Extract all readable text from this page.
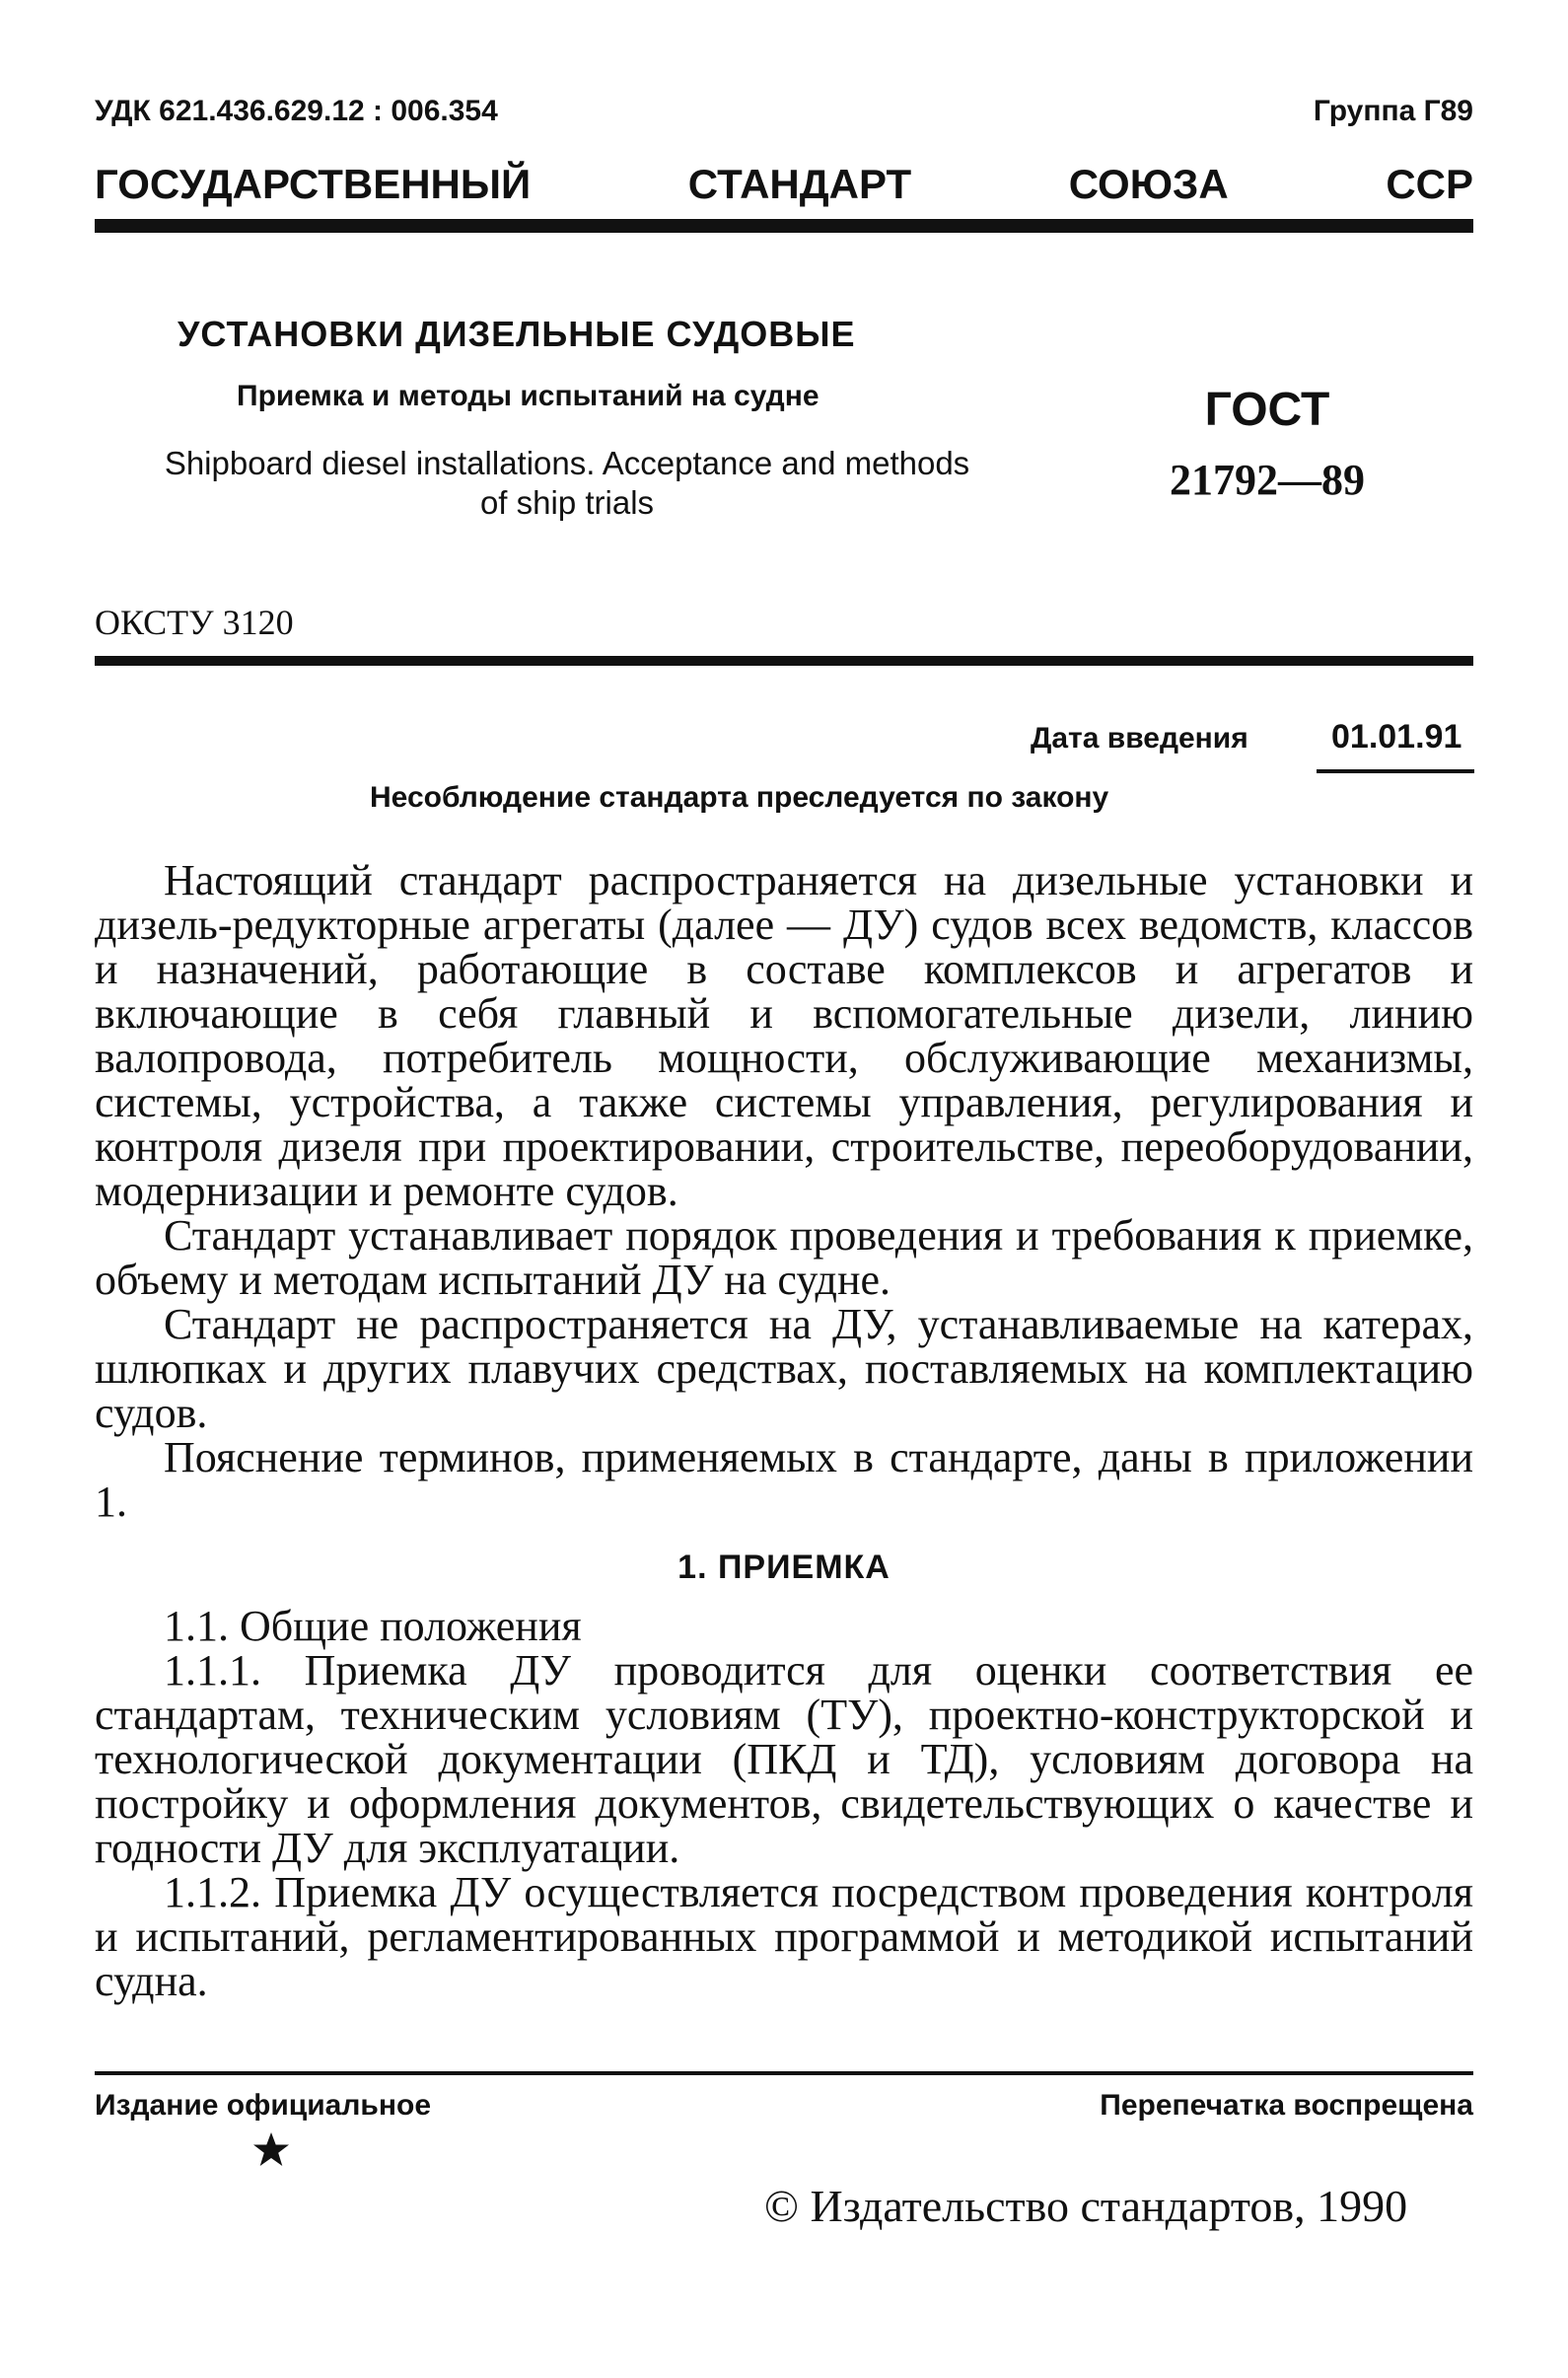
УДК 621.436.629.12 : 006.354	Группа Г89
ГОСУДАРСТВЕННЫЙ СТАНДАРТ СОЮЗА ССР
УСТАНОВКИ ДИЗЕЛЬНЫЕ СУДОВЫЕ
Приемка и методы испытаний на судне
Shipboard diesel installations. Acceptance and methods of ship trials
ГОСТ
21792—89
ОКСТУ 3120
Дата введения 01.01.91
Несоблюдение стандарта преследуется по закону

Настоящий стандарт распространяется на дизельные установки и дизель-редукторные агрегаты (далее — ДУ) судов всех ведомств, классов и назначений, работающие в составе комплексов и агрегатов и включающие в себя главный и вспомогательные дизели, линию валопровода, потребитель мощности, обслуживающие механизмы, системы, устройства, а также системы управления, регулирования и контроля дизеля при проектировании, строительстве, переоборудовании, модернизации и ремонте судов.

Стандарт устанавливает порядок проведения и требования к приемке, объему и методам испытаний ДУ на судне.

Стандарт не распространяется на ДУ, устанавливаемые на катерах, шлюпках и других плавучих средствах, поставляемых на комплектацию судов.

Пояснение терминов, применяемых в стандарте, даны в приложении 1.

1. ПРИЕМКА

1.1. Общие положения

1.1.1. Приемка ДУ проводится для оценки соответствия ее стандартам, техническим условиям (ТУ), проектно-конструкторской и технологической документации (ПКД и ТД), условиям договора на постройку и оформления документов, свидетельствующих о качестве и годности ДУ для эксплуатации.

1.1.2. Приемка ДУ осуществляется посредством проведения контроля и испытаний, регламентированных программой и методикой испытаний судна.

Издание официальное	Перепечатка воспрещена
© Издательство стандартов, 1990
